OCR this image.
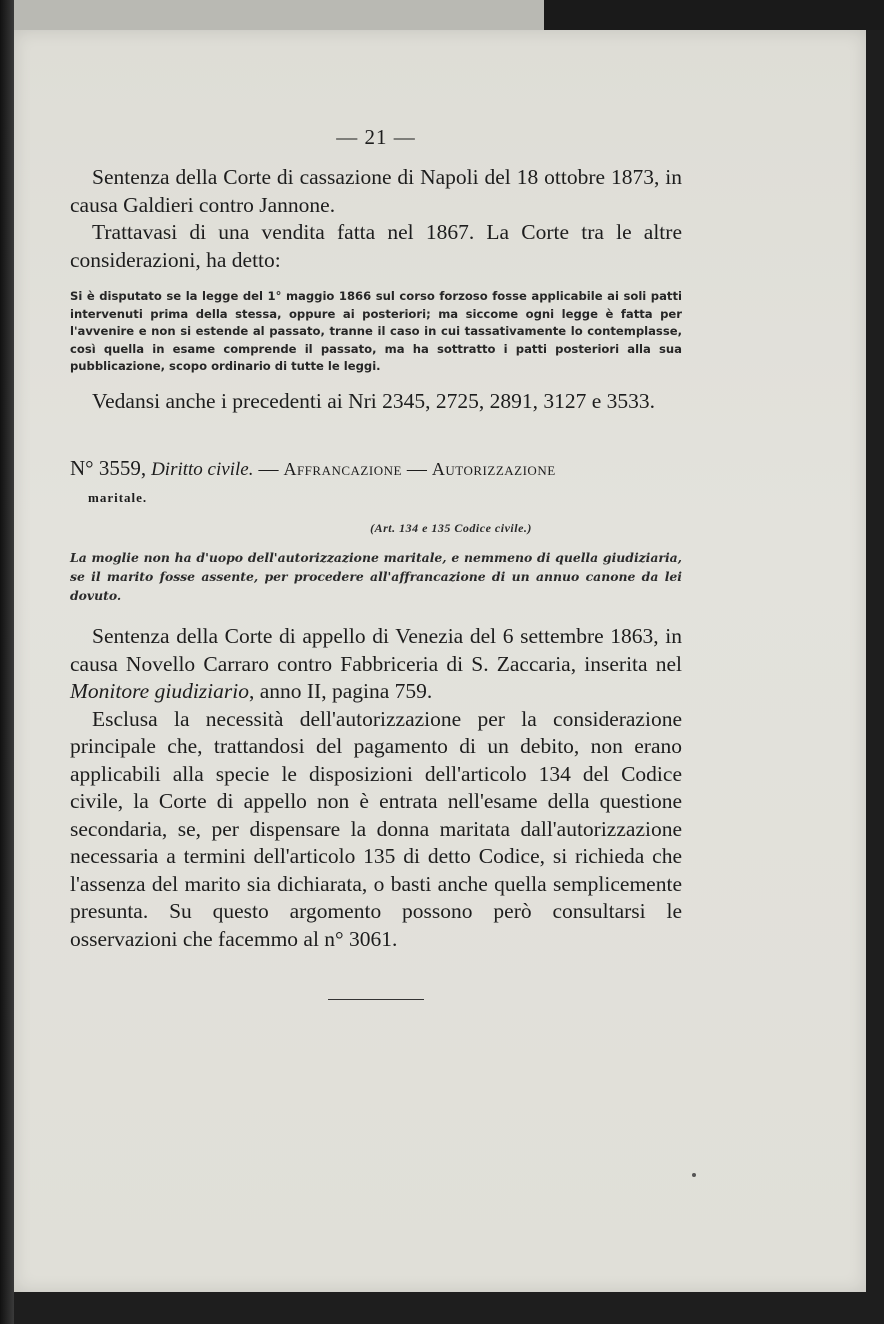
— 21 —

Sentenza della Corte di cassazione di Napoli del 18 ottobre 1873, in causa Galdieri contro Jannone.

Trattavasi di una vendita fatta nel 1867. La Corte tra le altre considerazioni, ha detto:

Si è disputato se la legge del 1° maggio 1866 sul corso forzoso fosse applicabile ai soli patti intervenuti prima della stessa, oppure ai posteriori; ma siccome ogni legge è fatta per l'avvenire e non si estende al passato, tranne il caso in cui tassativamente lo contemplasse, così quella in esame comprende il passato, ma ha sottratto i patti posteriori alla sua pubblicazione, scopo ordinario di tutte le leggi.

Vedansi anche i precedenti ai Nri 2345, 2725, 2891, 3127 e 3533.

N° 3559, Diritto civile. — Affrancazione — Autorizzazione
maritale.

(Art. 134 e 135 Codice civile.)

La moglie non ha d'uopo dell'autorizzazione maritale, e nemmeno di quella giudiziaria, se il marito fosse assente, per procedere all'affrancazione di un annuo canone da lei dovuto.

Sentenza della Corte di appello di Venezia del 6 settembre 1863, in causa Novello Carraro contro Fabbriceria di S. Zaccaria, inserita nel Monitore giudiziario, anno II, pagina 759.

Esclusa la necessità dell'autorizzazione per la considerazione principale che, trattandosi del pagamento di un debito, non erano applicabili alla specie le disposizioni dell'articolo 134 del Codice civile, la Corte di appello non è entrata nell'esame della questione secondaria, se, per dispensare la donna maritata dall'autorizzazione necessaria a termini dell'articolo 135 di detto Codice, si richieda che l'assenza del marito sia dichiarata, o basti anche quella semplicemente presunta. Su questo argomento possono però consultarsi le osservazioni che facemmo al n° 3061.
